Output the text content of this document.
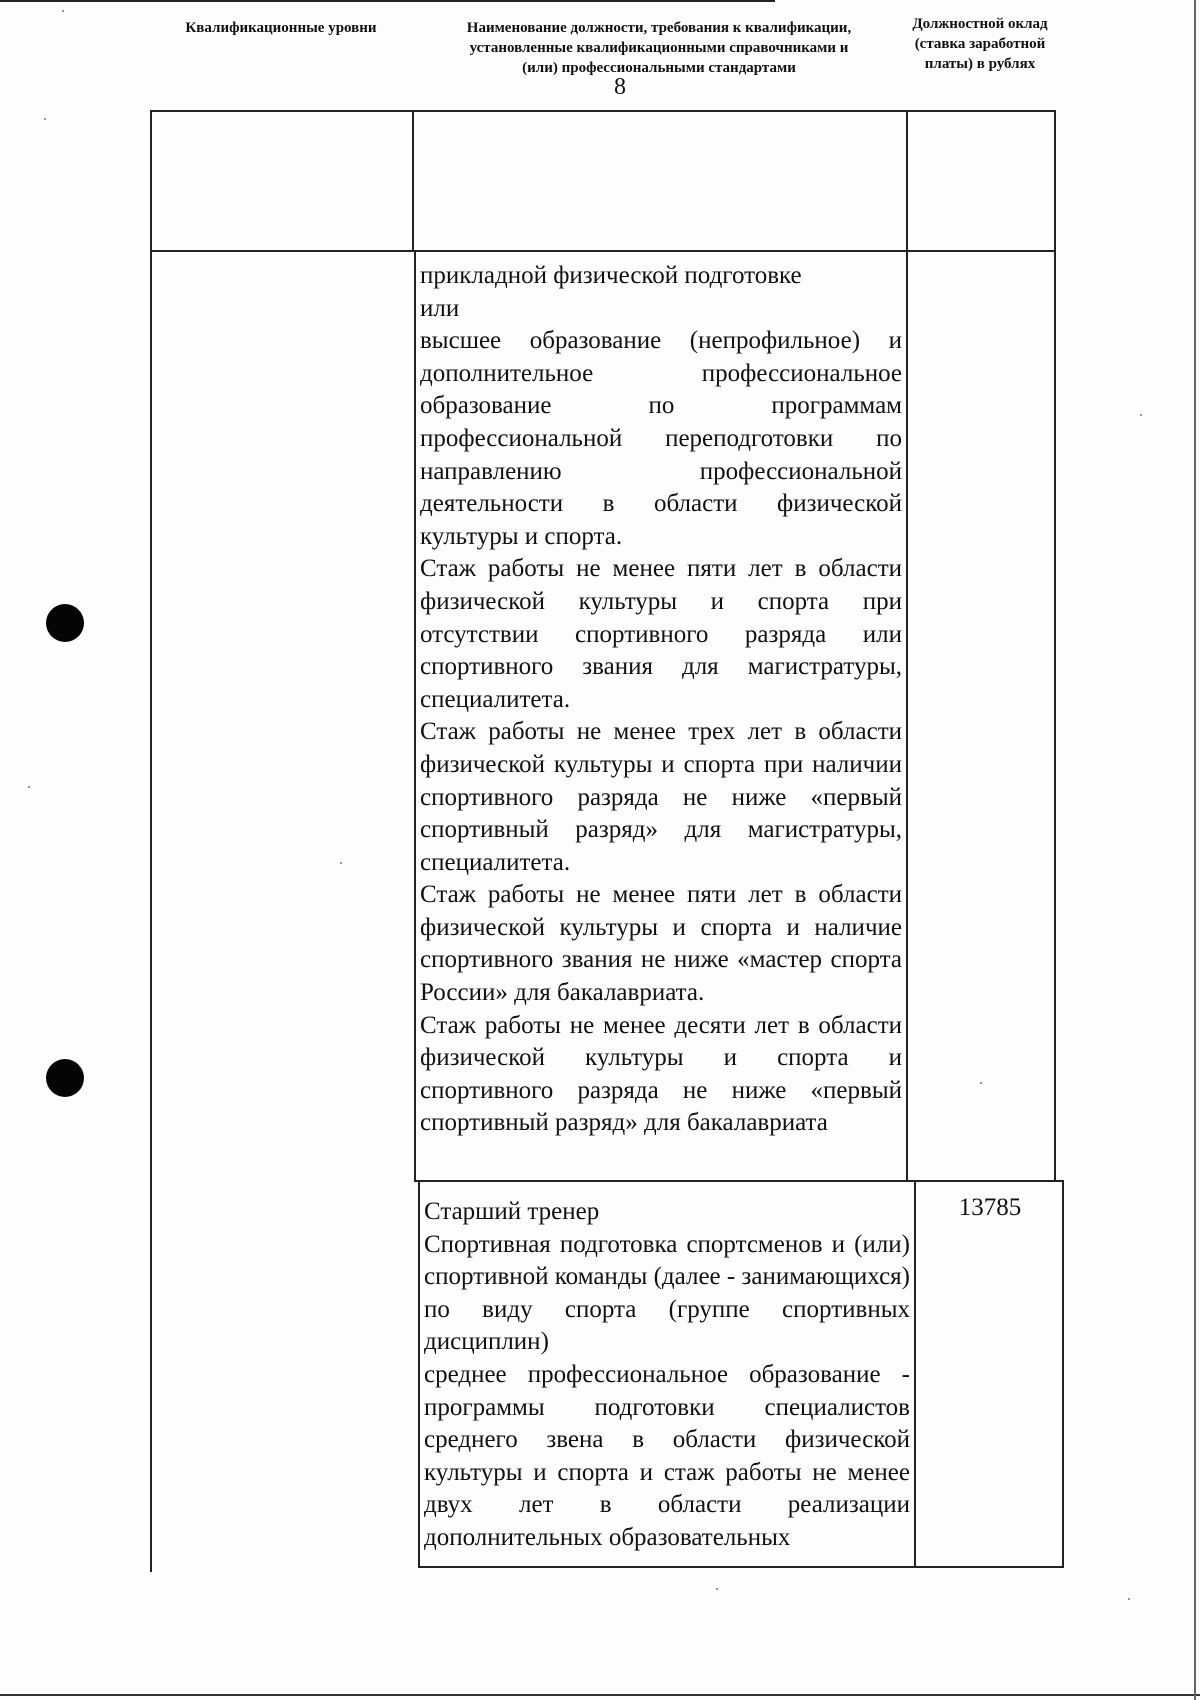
8
Квалификационные уровни	Наименование должности, требования к квалификации, установленные квалификационными справочниками и (или) профессиональными стандартами
Должностной оклад (ставка заработной платы) в рублях

прикладной физической подготовке

или

высшее образование (непрофильное) и дополнительное профессиональное образование по программам профессиональной переподготовки по направлению профессиональной деятельности в области физической культуры и спорта.

Стаж работы не менее пяти лет в области физической культуры и спорта при отсутствии спортивного разряда или спортивного звания для магистратуры, специалитета.

Стаж работы не менее трех лет в области физической культуры и спорта при наличии спортивного разряда не ниже «первый спортивный разряд» для магистратуры, специалитета.

Стаж работы не менее пяти лет в области физической культуры и спорта и наличие спортивного звания не ниже «мастер спорта России» для бакалавриата.

Стаж работы не менее десяти лет в области физической культуры и спорта и спортивного разряда не ниже «первый спортивный разряд» для бакалавриата

Старший тренер

Спортивная подготовка спортсменов и (или) спортивной команды (далее - занимающихся) по виду спорта (группе спортивных дисциплин)

среднее профессиональное образование - программы подготовки специалистов среднего звена в области физической культуры и спорта и стаж работы не менее двух лет в области реализации дополнительных образовательных

13785
